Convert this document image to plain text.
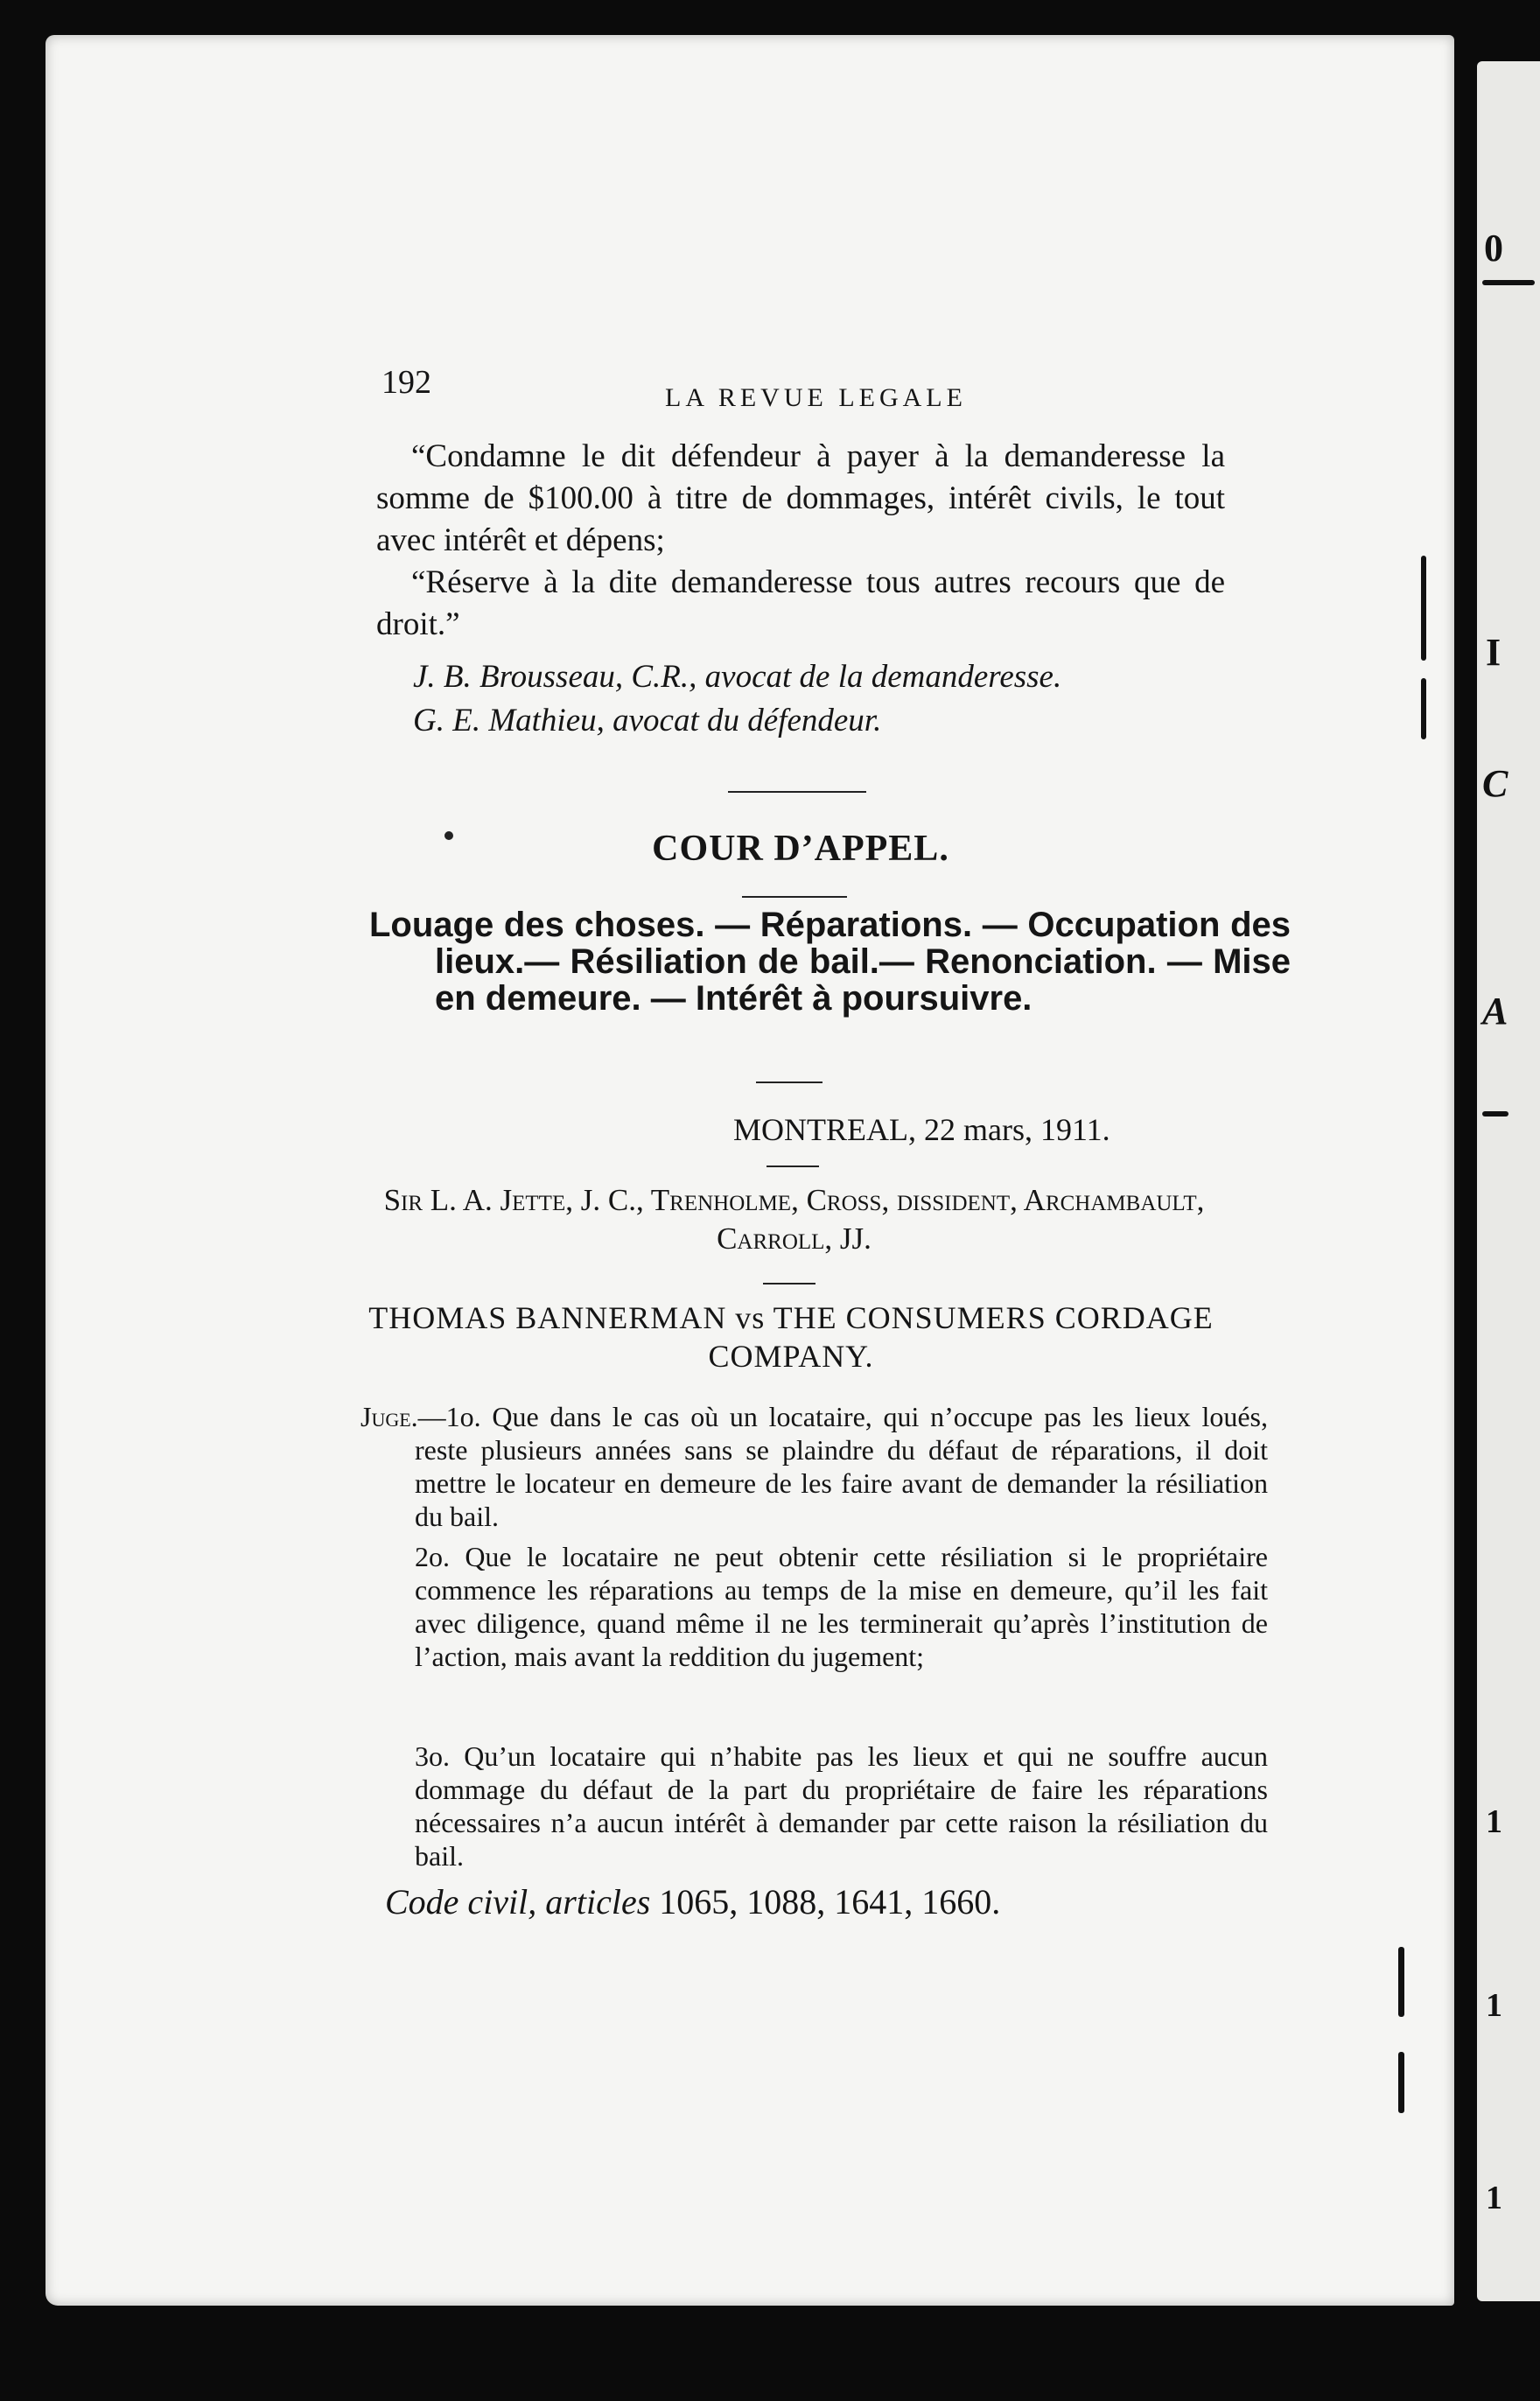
0
I
C
A
1
1
1
192	LA REVUE LEGALE

“Condamne le dit défendeur à payer à la demanderesse la somme de $100.00 à titre de dommages, intérêt civils, le tout avec intérêt et dépens;

“Réserve à la dite demanderesse tous autres recours que de droit.”

J. B. Brousseau, C.R., avocat de la demanderesse.
G. E. Mathieu, avocat du défendeur.
COUR D’APPEL.
Louage des choses. — Réparations. — Occupation des lieux.— Résiliation de bail.— Renonciation. — Mise en demeure. — Intérêt à poursuivre.
MONTREAL, 22 mars, 1911.
Sir L. A. Jette, J. C., Trenholme, Cross, dissident, Archambault, Carroll, JJ.
THOMAS BANNERMAN vs THE CONSUMERS CORDAGE COMPANY.
Juge.—1o. Que dans le cas où un locataire, qui n’occupe pas les lieux loués, reste plusieurs années sans se plaindre du défaut de réparations, il doit mettre le locateur en demeure de les faire avant de demander la résiliation du bail.
2o. Que le locataire ne peut obtenir cette résiliation si le propriétaire commence les réparations au temps de la mise en demeure, qu’il les fait avec diligence, quand même il ne les terminerait qu’après l’institution de l’action, mais avant la reddition du jugement;
3o. Qu’un locataire qui n’habite pas les lieux et qui ne souffre aucun dommage du défaut de la part du propriétaire de faire les réparations nécessaires n’a aucun intérêt à demander par cette raison la résiliation du bail.
Code civil, articles 1065, 1088, 1641, 1660.
